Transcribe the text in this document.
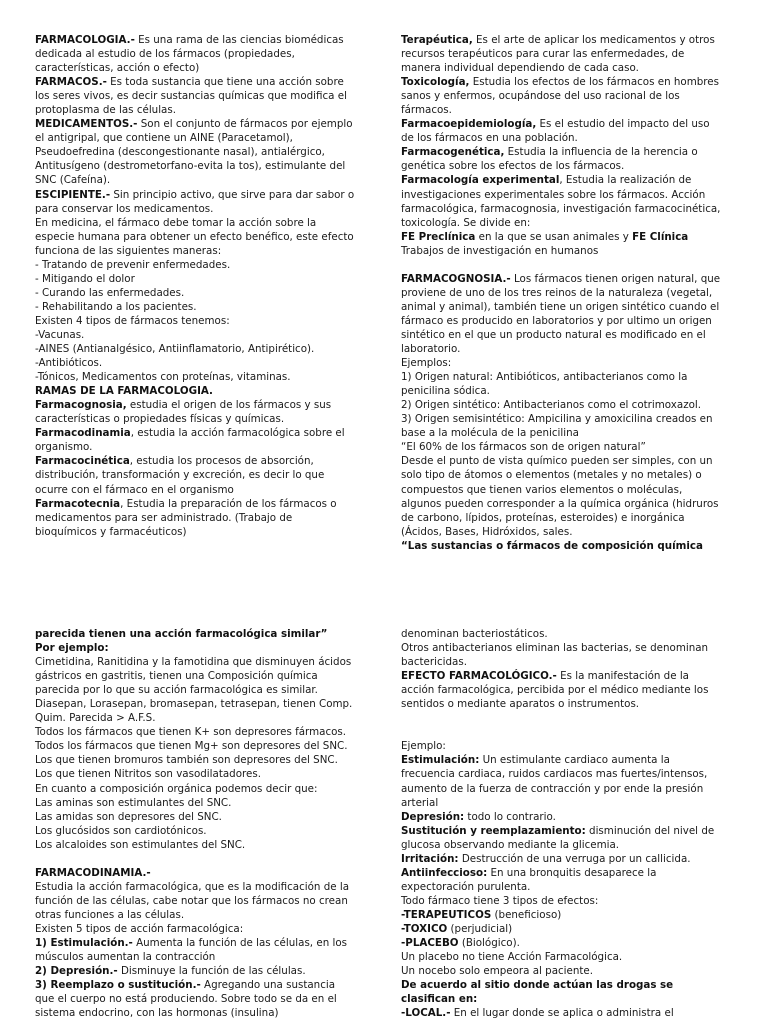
FARMACOLOGIA.- Es una rama de las ciencias biomédicas
dedicada al estudio de los fármacos (propiedades,
características, acción o efecto)
FARMACOS.- Es toda sustancia que tiene una acción sobre
los seres vivos, es decir sustancias químicas que modifica el
protoplasma de las células.
MEDICAMENTOS.- Son el conjunto de fármacos por ejemplo
el antigripal, que contiene un AINE (Paracetamol),
Pseudoefredina (descongestionante nasal), antialérgico,
Antitusígeno (destrometorfano-evita la tos), estimulante del
SNC (Cafeína).
ESCIPIENTE.- Sin principio activo, que sirve para dar sabor o
para conservar los medicamentos.
En medicina, el fármaco debe tomar la acción sobre la
especie humana para obtener un efecto benéfico, este efecto
funciona de las siguientes maneras:
- Tratando de prevenir enfermedades.
- Mitigando el dolor
- Curando las enfermedades.
- Rehabilitando a los pacientes.
Existen 4 tipos de fármacos tenemos:
-Vacunas.
-AINES (Antianalgésico, Antiinflamatorio, Antipirético).
-Antibióticos.
-Tónicos, Medicamentos con proteínas, vitaminas.
RAMAS DE LA FARMACOLOGIA.
Farmacognosia, estudia el origen de los fármacos y sus
características o propiedades físicas y químicas.
Farmacodinamia, estudia la acción farmacológica sobre el
organismo.
Farmacocinética, estudia los procesos de absorción,
distribución, transformación y excreción, es decir lo que
ocurre con el fármaco en el organismo
Farmacotecnia, Estudia la preparación de los fármacos o
medicamentos para ser administrado. (Trabajo de
bioquímicos y farmacéuticos)
Terapéutica, Es el arte de aplicar los medicamentos y otros
recursos terapéuticos para curar las enfermedades, de
manera individual dependiendo de cada caso.
Toxicología, Estudia los efectos de los fármacos en hombres
sanos y enfermos, ocupándose del uso racional de los
fármacos.
Farmacoepidemiología, Es el estudio del impacto del uso
de los fármacos en una población.
Farmacogenética, Estudia la influencia de la herencia o
genética sobre los efectos de los fármacos.
Farmacología experimental, Estudia la realización de
investigaciones experimentales sobre los fármacos. Acción
farmacológica, farmacognosia, investigación farmacocinética,
toxicología. Se divide en:
FE Preclínica en la que se usan animales y FE Clínica
Trabajos de investigación en humanos
FARMACOGNOSIA.- Los fármacos tienen origen natural, que
proviene de uno de los tres reinos de la naturaleza (vegetal,
animal y animal), también tiene un origen sintético cuando el
fármaco es producido en laboratorios y por ultimo un origen
sintético en el que un producto natural es modificado en el
laboratorio.
Ejemplos:
1) Origen natural: Antibióticos, antibacterianos como la
penicilina sódica.
2) Origen sintético: Antibacterianos como el cotrimoxazol.
3) Origen semisintético: Ampicilina y amoxicilina creados en
base a la molécula de la penicilina
“El 60% de los fármacos son de origen natural”
Desde el punto de vista químico pueden ser simples, con un
solo tipo de átomos o elementos (metales y no metales) o
compuestos que tienen varios elementos o moléculas,
algunos pueden corresponder a la química orgánica (hidruros
de carbono, lípidos, proteínas, esteroides) e inorgánica
(Ácidos, Bases, Hidróxidos, sales.
“Las sustancias o fármacos de composición química
parecida tienen una acción farmacológica similar”
Por ejemplo:
Cimetidina, Ranitidina y la famotidina que disminuyen ácidos
gástricos en gastritis, tienen una Composición química
parecida por lo que su acción farmacológica es similar.
Diasepan, Lorasepan, bromasepan, tetrasepan, tienen Comp.
Quim. Parecida > A.F.S.
Todos los fármacos que tienen K+ son depresores fármacos.
Todos los fármacos que tienen Mg+ son depresores del SNC.
Los que tienen bromuros también son depresores del SNC.
Los que tienen Nitritos son vasodilatadores.
En cuanto a composición orgánica podemos decir que:
Las aminas son estimulantes del SNC.
Las amidas son depresores del SNC.
Los glucósidos son cardiotónicos.
Los alcaloides son estimulantes del SNC.
FARMACODINAMIA.-
Estudia la acción farmacológica, que es la modificación de la
función de las células, cabe notar que los fármacos no crean
otras funciones a las células.
Existen 5 tipos de acción farmacológica:
1) Estimulación.- Aumenta la función de las células, en los
músculos aumentan la contracción
2) Depresión.- Disminuye la función de las células.
3) Reemplazo o sustitución.- Agregando una sustancia
que el cuerpo no está produciendo. Sobre todo se da en el
sistema endocrino, con las hormonas (insulina)
denominan bacteriostáticos.
Otros antibacterianos eliminan las bacterias, se denominan
bactericidas.
EFECTO FARMACOLÓGICO.- Es la manifestación de la
acción farmacológica, percibida por el médico mediante los
sentidos o mediante aparatos o instrumentos.
Ejemplo:
Estimulación: Un estimulante cardiaco aumenta la
frecuencia cardiaca, ruidos cardiacos mas fuertes/intensos,
aumento de la fuerza de contracción y por ende la presión
arterial
Depresión: todo lo contrario.
Sustitución y reemplazamiento: disminución del nivel de
glucosa observando mediante la glicemia.
Irritación: Destrucción de una verruga por un callicida.
Antiinfeccioso: En una bronquitis desaparece la
expectoración purulenta.
Todo fármaco tiene 3 tipos de efectos:
-TERAPEUTICOS (beneficioso)
-TOXICO (perjudicial)
-PLACEBO (Biológico).
Un placebo no tiene Acción Farmacológica.
Un nocebo solo empeora al paciente.
De acuerdo al sitio donde actúan las drogas se
clasifican en:
-LOCAL.- En el lugar donde se aplica o administra el
